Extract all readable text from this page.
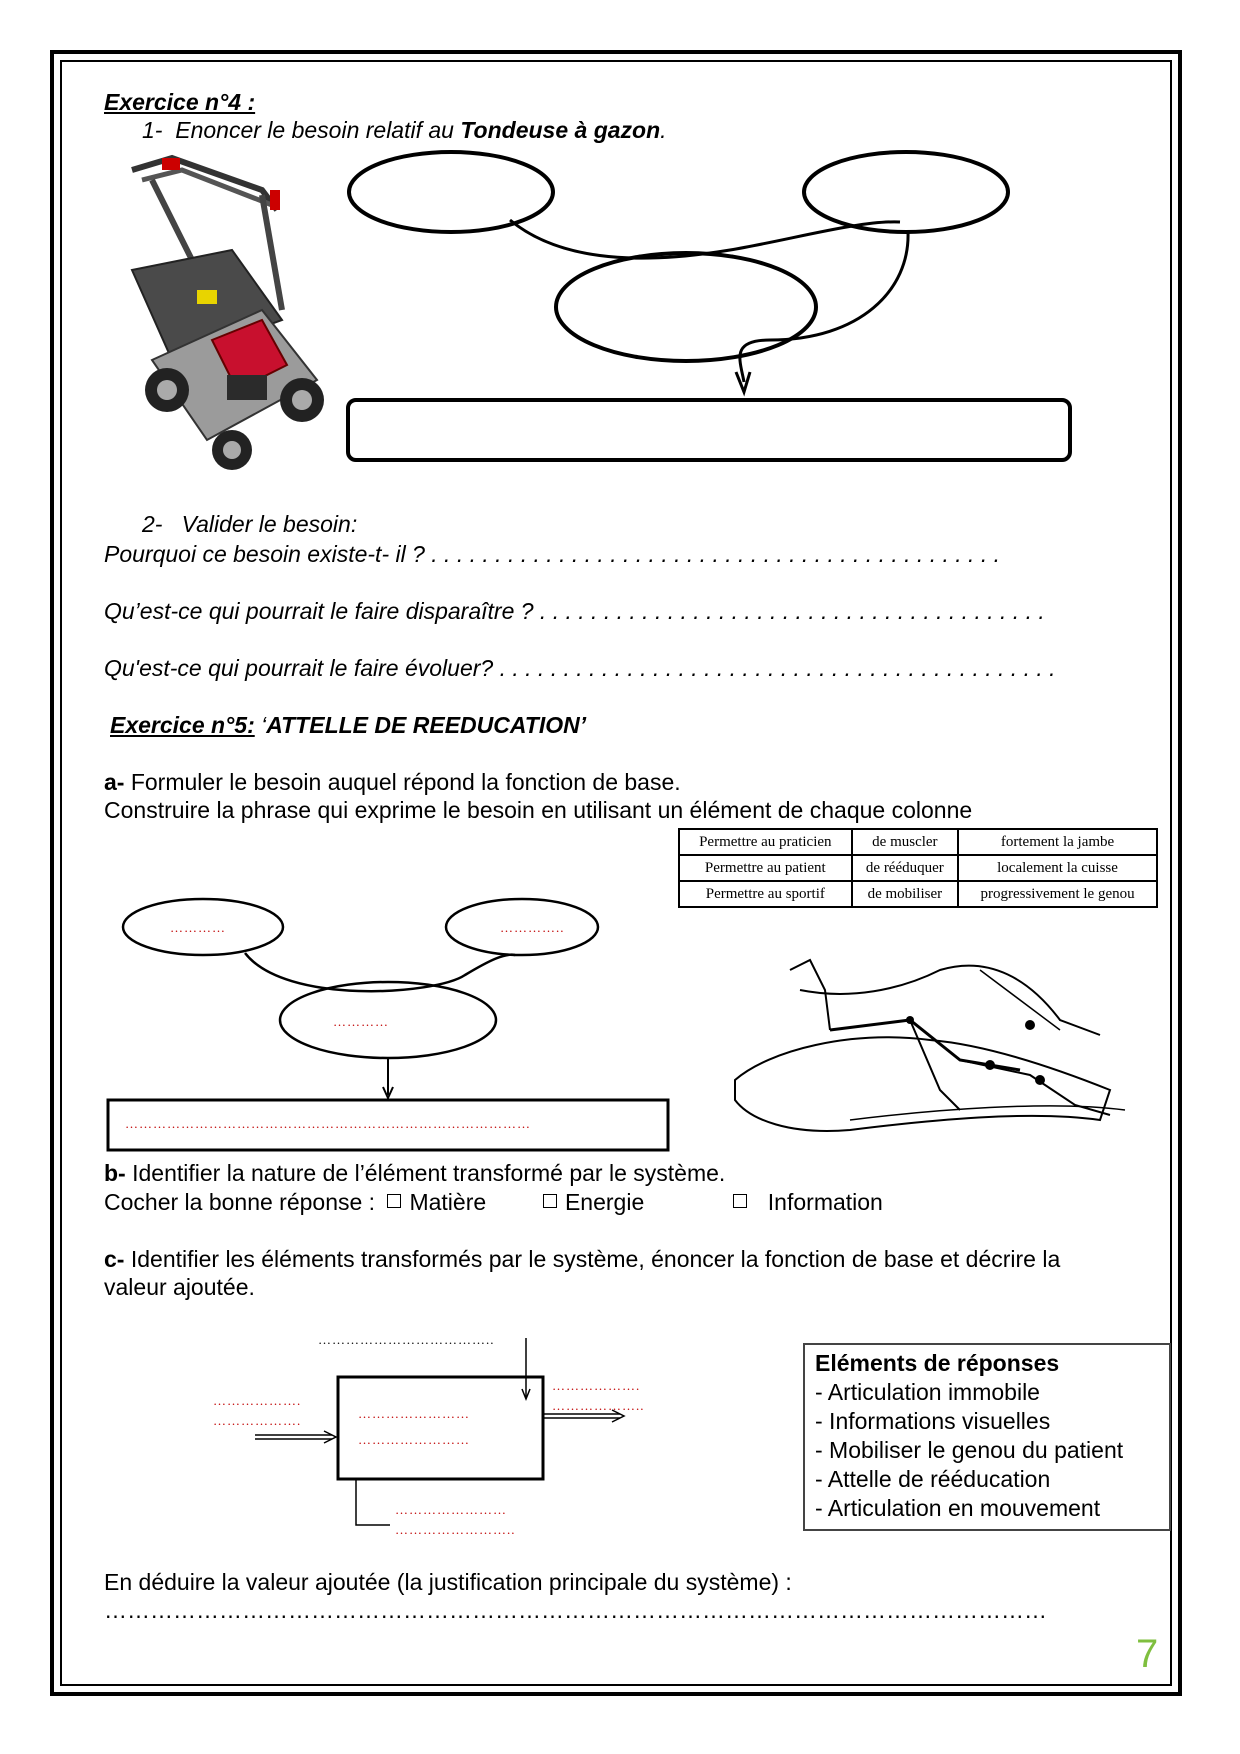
Exercice n°4 :
1- Enoncer le besoin relatif au Tondeuse à gazon.
2- Valider le besoin:
Pourquoi ce besoin existe-t- il ? . . . . . . . . . . . . . . . . . . . . . . . . . . . . . . . . . . . . . . . . . . . . .
Qu’est-ce qui pourrait le faire disparaître ? . . . . . . . . . . . . . . . . . . . . . . . . . . . . . . . . . . . . . . . .
Qu'est-ce qui pourrait le faire évoluer? . . . . . . . . . . . . . . . . . . . . . . . . . . . . . . . . . . . . . . . . . . . .
Exercice n°5: ‘ATTELLE DE REEDUCATION’
a- Formuler le besoin auquel répond la fonction de base.
Construire la phrase qui exprime le besoin en utilisant un élément de chaque colonne
Permettre au praticien	de muscler	fortement la jambe
Permettre au patient	de rééduquer	localement la cuisse
Permettre au sportif	de mobiliser	progressivement le genou
…………	…………..
…………
……………………………………………………………………………
b- Identifier la nature de l’élément transformé par le système.
Cocher la bonne réponse : Matière	Energie	Information
c- Identifier les éléments transformés par le système, énoncer la fonction de base et décrire la
valeur ajoutée.
………………………………..
……………….
……………….	……………………
……………………
……………….
………………..
……………………
……………………..
Eléments de réponses
- Articulation immobile
- Informations visuelles
- Mobiliser le genou du patient
- Attelle de rééducation
- Articulation en mouvement
En déduire la valeur ajoutée (la justification principale du système) :
……………………………………………………………………………………………………………
7
